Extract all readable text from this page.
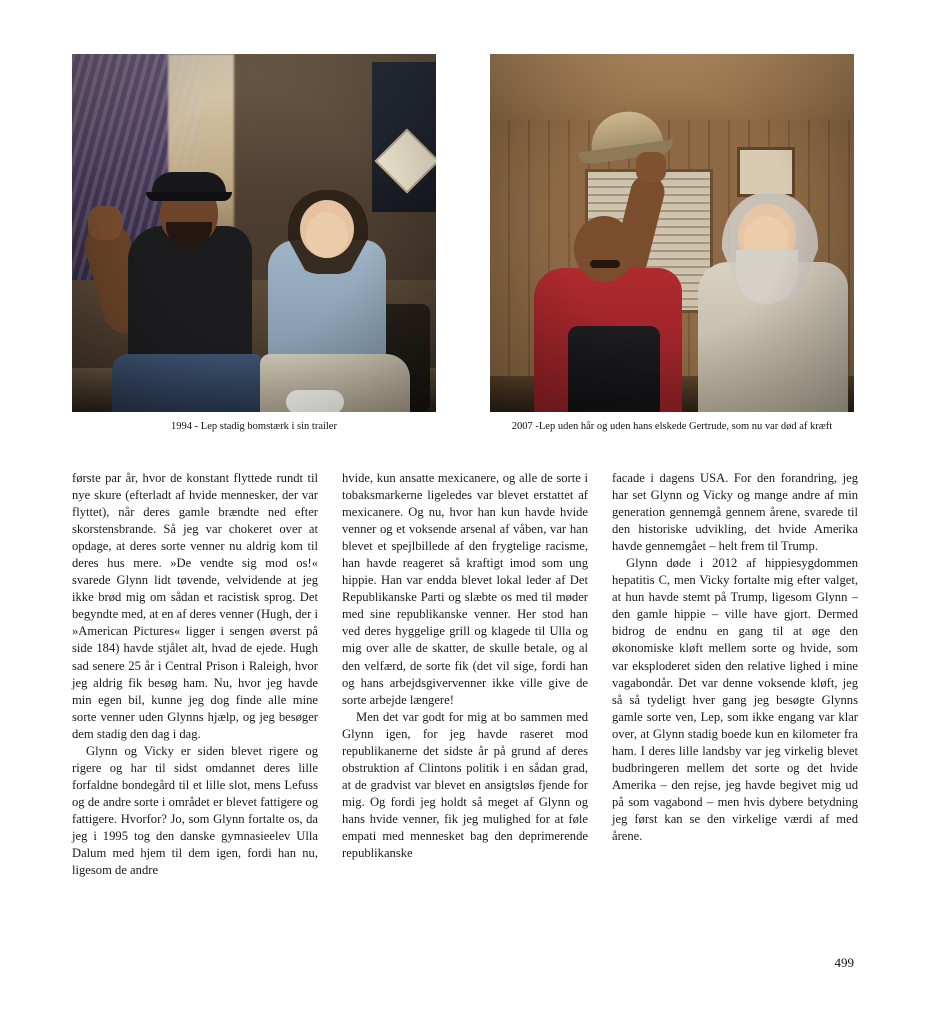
1994 - Lep stadig bomstærk i sin trailer	2007 -Lep uden hår og uden hans elskede Gertrude, som nu var død af kræft

første par år, hvor de konstant flyttede rundt til nye skure (efterladt af hvide mennesker, der var flyttet), når deres gamle brændte ned efter skorstensbrande. Så jeg var chokeret over at opdage, at deres sorte venner nu aldrig kom til deres hus mere. »De vendte sig mod os!« svarede Glynn lidt tøvende, velvidende at jeg ikke brød mig om sådan et racistisk sprog. Det begyndte med, at en af deres venner (Hugh, der i »American Pictures« ligger i sengen øverst på side 184) havde stjålet alt, hvad de ejede. Hugh sad senere 25 år i Central Prison i Raleigh, hvor jeg aldrig fik besøg ham. Nu, hvor jeg havde min egen bil, kunne jeg dog finde alle mine sorte venner uden Glynns hjælp, og jeg besøger dem stadig den dag i dag.

Glynn og Vicky er siden blevet rigere og rigere og har til sidst omdannet deres lille forfaldne bondegård til et lille slot, mens Lefuss og de andre sorte i området er blevet fattigere og fattigere. Hvorfor? Jo, som Glynn fortalte os, da jeg i 1995 tog den danske gymnasieelev Ulla Dalum med hjem til dem igen, fordi han nu, ligesom de andre

hvide, kun ansatte mexicanere, og alle de sorte i tobaksmarkerne ligeledes var blevet erstattet af mexicanere. Og nu, hvor han kun havde hvide venner og et voksende arsenal af våben, var han blevet et spejlbillede af den frygtelige racisme, han havde reageret så kraftigt imod som ung hippie. Han var endda blevet lokal leder af Det Republikanske Parti og slæbte os med til møder med sine republikanske venner. Her stod han ved deres hyggelige grill og klagede til Ulla og mig over alle de skatter, de skulle betale, og al den velfærd, de sorte fik (det vil sige, fordi han og hans arbejdsgivervenner ikke ville give de sorte arbejde længere!

Men det var godt for mig at bo sammen med Glynn igen, for jeg havde raseret mod republikanerne det sidste år på grund af deres obstruktion af Clintons politik i en sådan grad, at de gradvist var blevet en ansigtsløs fjende for mig. Og fordi jeg holdt så meget af Glynn og hans hvide venner, fik jeg mulighed for at føle empati med mennesket bag den deprimerende republikanske

facade i dagens USA. For den forandring, jeg har set Glynn og Vicky og mange andre af min generation gennemgå gennem årene, svarede til den historiske udvikling, det hvide Amerika havde gennemgået – helt frem til Trump.

Glynn døde i 2012 af hippiesygdommen hepatitis C, men Vicky fortalte mig efter valget, at hun havde stemt på Trump, ligesom Glynn – den gamle hippie – ville have gjort. Dermed bidrog de endnu en gang til at øge den økonomiske kløft mellem sorte og hvide, som var eksploderet siden den relative lighed i mine vagabondår. Det var denne voksende kløft, jeg så så tydeligt hver gang jeg besøgte Glynns gamle sorte ven, Lep, som ikke engang var klar over, at Glynn stadig boede kun en kilometer fra ham. I deres lille landsby var jeg virkelig blevet budbringeren mellem det sorte og det hvide Amerika – den rejse, jeg havde begivet mig ud på som vagabond – men hvis dybere betydning jeg først kan se den virkelige værdi af med årene.

499
